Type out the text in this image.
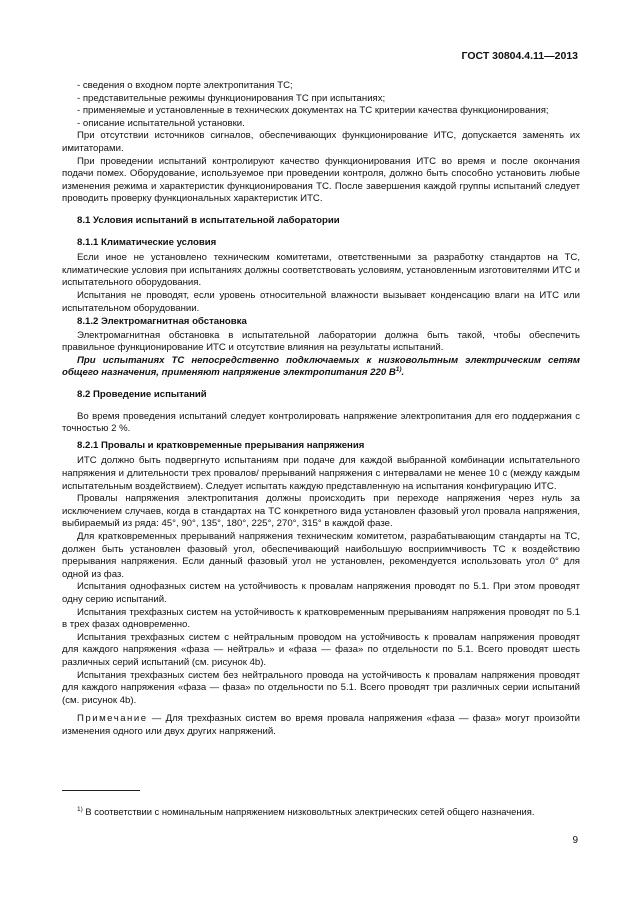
ГОСТ 30804.4.11—2013

- сведения о входном порте электропитания ТС;

- представительные режимы функционирования ТС при испытаниях;

- применяемые и установленные в технических документах на ТС критерии качества функционирования;

- описание испытательной установки.

При отсутствии источников сигналов, обеспечивающих функционирование ИТС, допускается заменять их имитаторами.

При проведении испытаний контролируют качество функционирования ИТС во время и после окончания подачи помех. Оборудование, используемое при проведении контроля, должно быть способно установить любые изменения режима и характеристик функционирования ТС. После завершения каждой группы испытаний следует проводить проверку функциональных характеристик ИТС.

8.1 Условия испытаний в испытательной лаборатории

8.1.1 Климатические условия

Если иное не установлено техническим комитетами, ответственными за разработку стандартов на ТС, климатические условия при испытаниях должны соответствовать условиям, установленным изготовителями ИТС и испытательного оборудования.

Испытания не проводят, если уровень относительной влажности вызывает конденсацию влаги на ИТС или испытательном оборудовании.

8.1.2 Электромагнитная обстановка

Электромагнитная обстановка в испытательной лаборатории должна быть такой, чтобы обеспечить правильное функционирование ИТС и отсутствие влияния на результаты испытаний.

При испытаниях ТС непосредственно подключаемых к низковольтным электрическим сетям общего назначения, применяют напряжение электропитания 220 $В^{1)}$.

8.2 Проведение испытаний

Во время проведения испытаний следует контролировать напряжение электропитания для его поддержания с точностью 2 %.

8.2.1 Провалы и кратковременные прерывания напряжения

ИТС должно быть подвергнуто испытаниям при подаче для каждой выбранной комбинации испытательного напряжения и длительности трех провалов/ прерываний напряжения с интервалами не менее 10 с (между каждым испытательным воздействием). Следует испытать каждую представленную на испытания конфигурацию ИТС.

Провалы напряжения электропитания должны происходить при переходе напряжения через нуль за исключением случаев, когда в стандартах на ТС конкретного вида установлен фазовый угол провала напряжения, выбираемый из ряда: 45°, 90°, 135°, 180°, 225°, 270°, 315° в каждой фазе.

Для кратковременных прерываний напряжения техническим комитетом, разрабатывающим стандарты на ТС, должен быть установлен фазовый угол, обеспечивающий наибольшую восприимчивость ТС к воздействию прерывания напряжения. Если данный фазовый угол не установлен, рекомендуется использовать угол 0° для одной из фаз.

Испытания однофазных систем на устойчивость к провалам напряжения проводят по 5.1. При этом проводят одну серию испытаний.

Испытания трехфазных систем на устойчивость к кратковременным прерываниям напряжения проводят по 5.1 в трех фазах одновременно.

Испытания трехфазных систем с нейтральным проводом на устойчивость к провалам напряжения проводят для каждого напряжения «фаза — нейтраль» и «фаза — фаза» по отдельности по 5.1. Всего проводят шесть различных серий испытаний (см. рисунок 4b).

Испытания трехфазных систем без нейтрального провода на устойчивость к провалам напряжения проводят для каждого напряжения «фаза — фаза» по отдельности по 5.1. Всего проводят три различных серии испытаний (см. рисунок 4b).

Примечание — Для трехфазных систем во время провала напряжения «фаза — фаза» могут произойти изменения одного или двух других напряжений.

$^{1)}$ В соответствии с номинальным напряжением низковольтных электрических сетей общего назначения.
9
